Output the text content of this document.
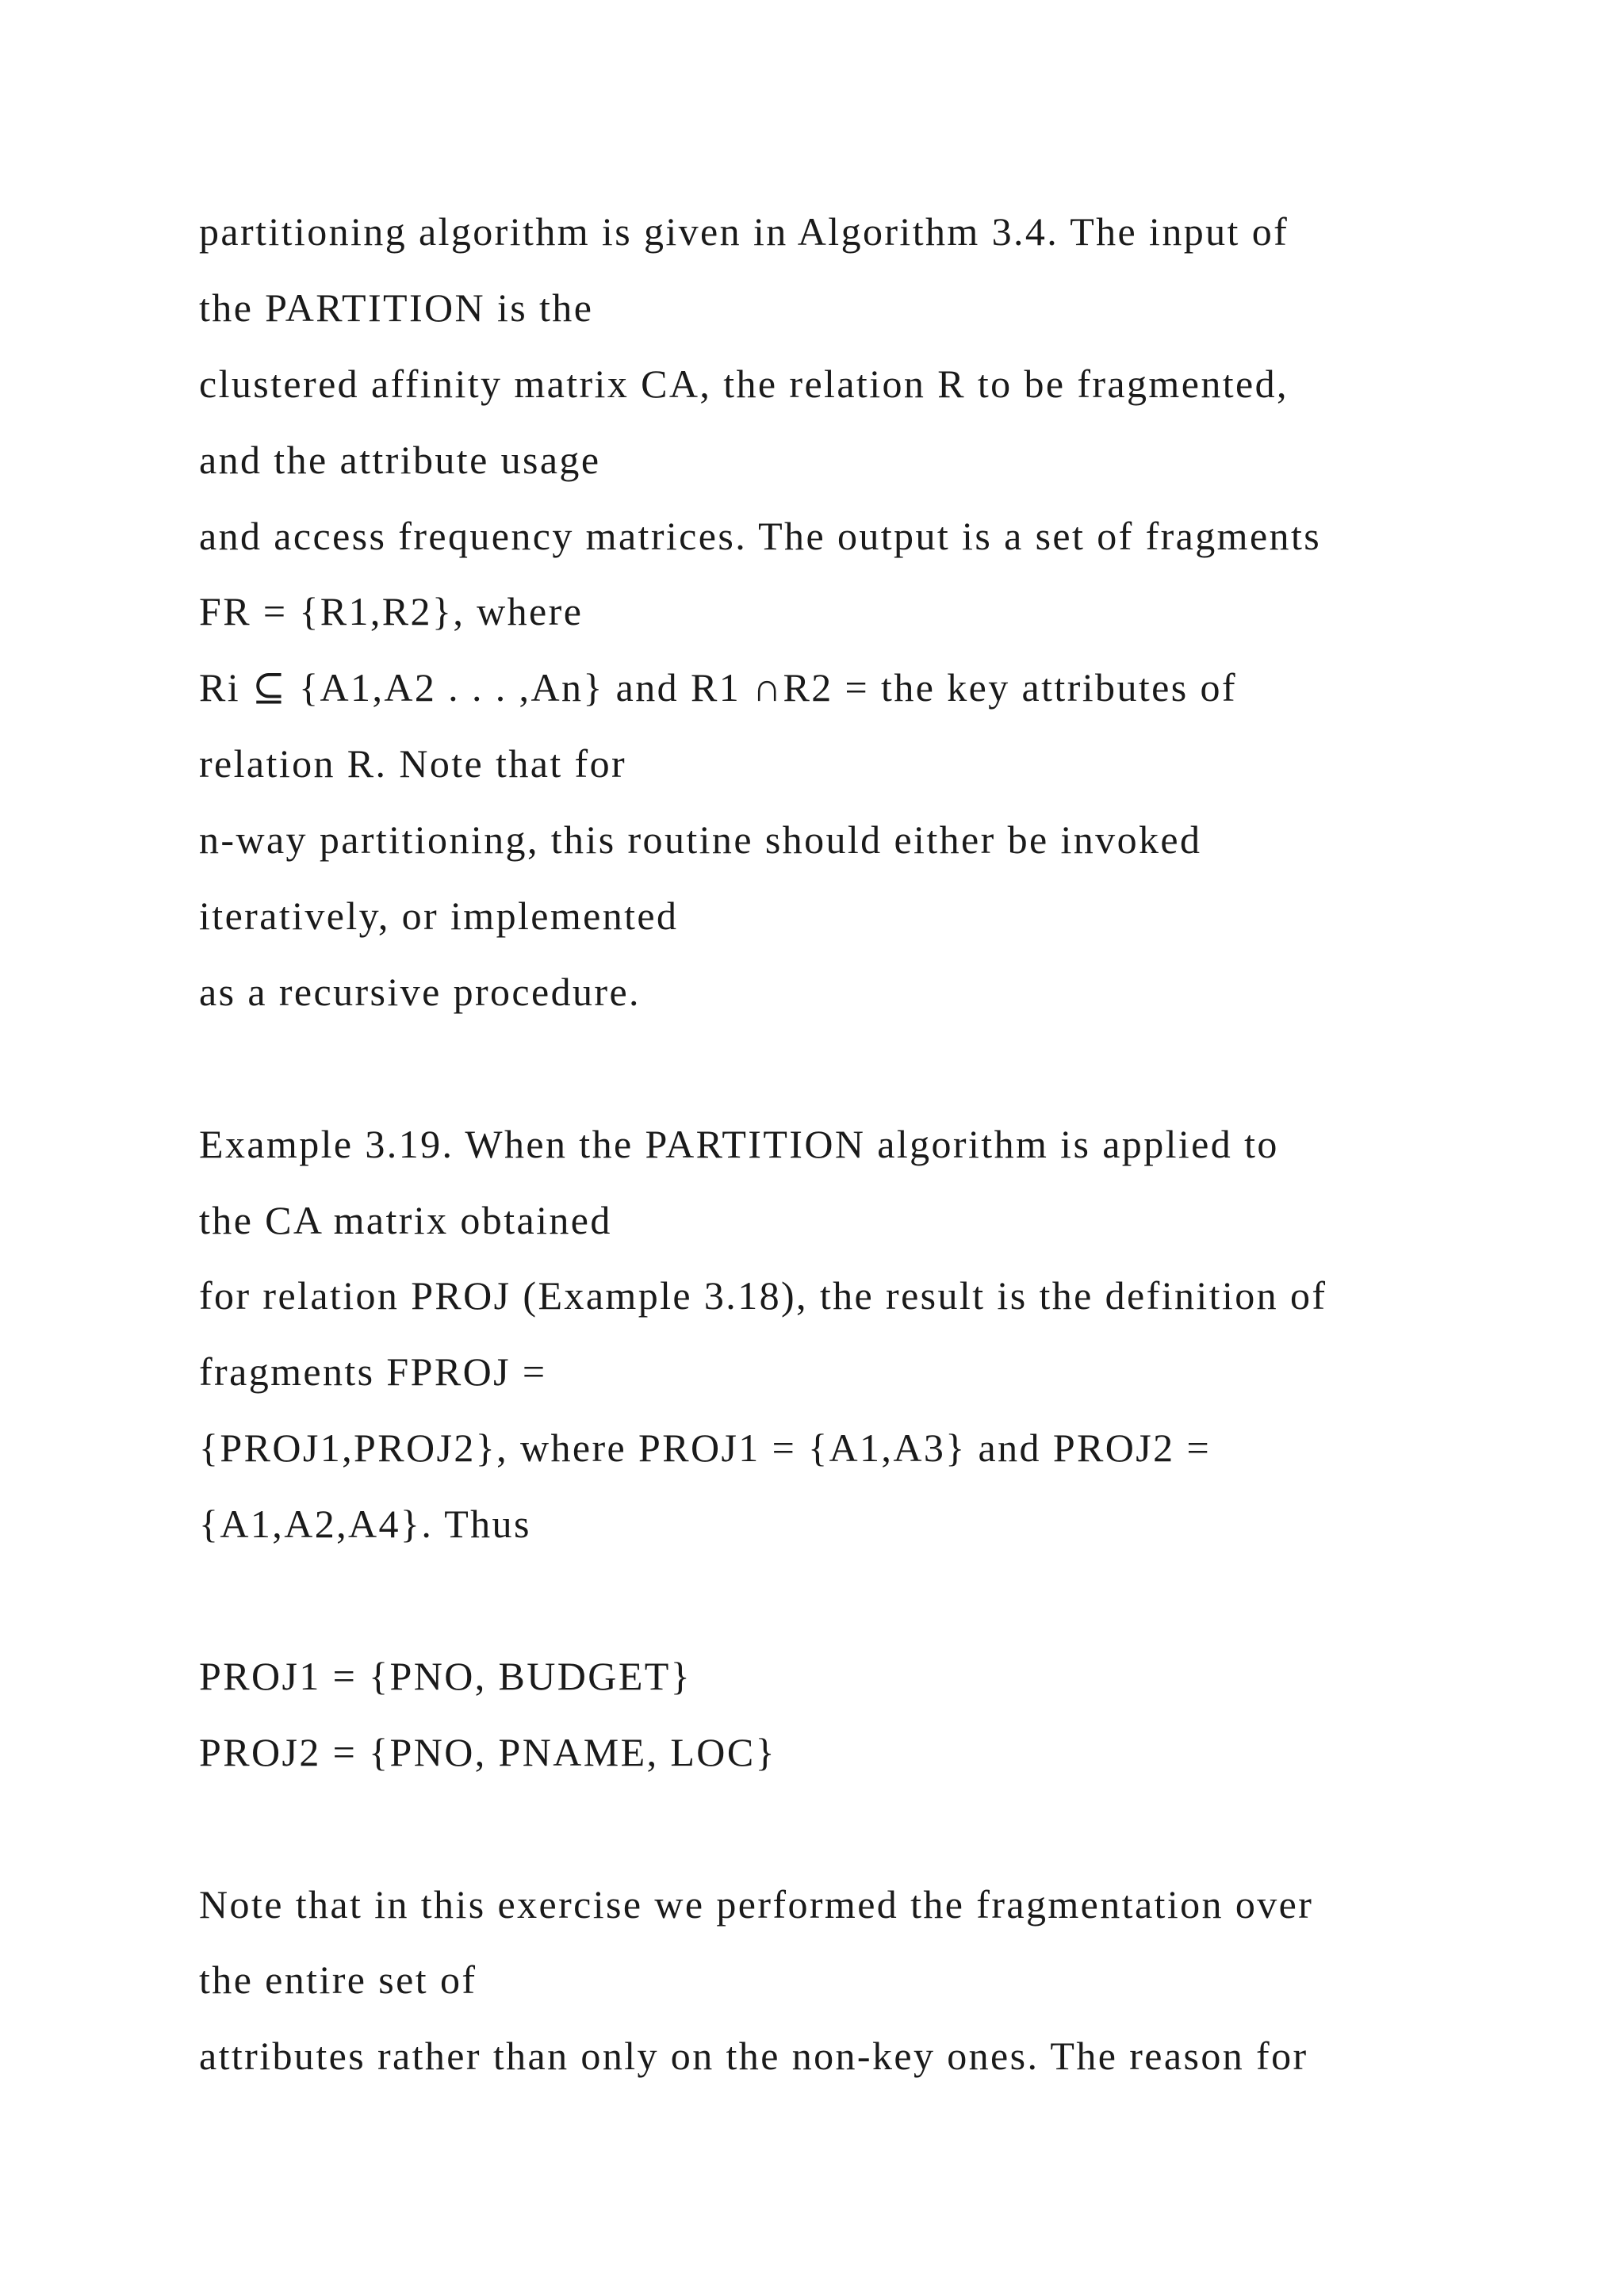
partitioning algorithm is given in Algorithm 3.4. The input of
the PARTITION is the
clustered affinity matrix CA, the relation R to be fragmented,
and the attribute usage
and access frequency matrices. The output is a set of fragments
FR = {R1,R2}, where
Ri ⊆ {A1,A2 . . . ,An} and R1 ∩R2 = the key attributes of
relation R. Note that for
n-way partitioning, this routine should either be invoked
iteratively, or implemented
as a recursive procedure.
Example 3.19. When the PARTITION algorithm is applied to
the CA matrix obtained
for relation PROJ (Example 3.18), the result is the definition of
fragments FPROJ =
{PROJ1,PROJ2}, where PROJ1 = {A1,A3} and PROJ2 =
{A1,A2,A4}. Thus
PROJ1 = {PNO, BUDGET}
PROJ2 = {PNO, PNAME, LOC}
Note that in this exercise we performed the fragmentation over
the entire set of
attributes rather than only on the non-key ones. The reason for
